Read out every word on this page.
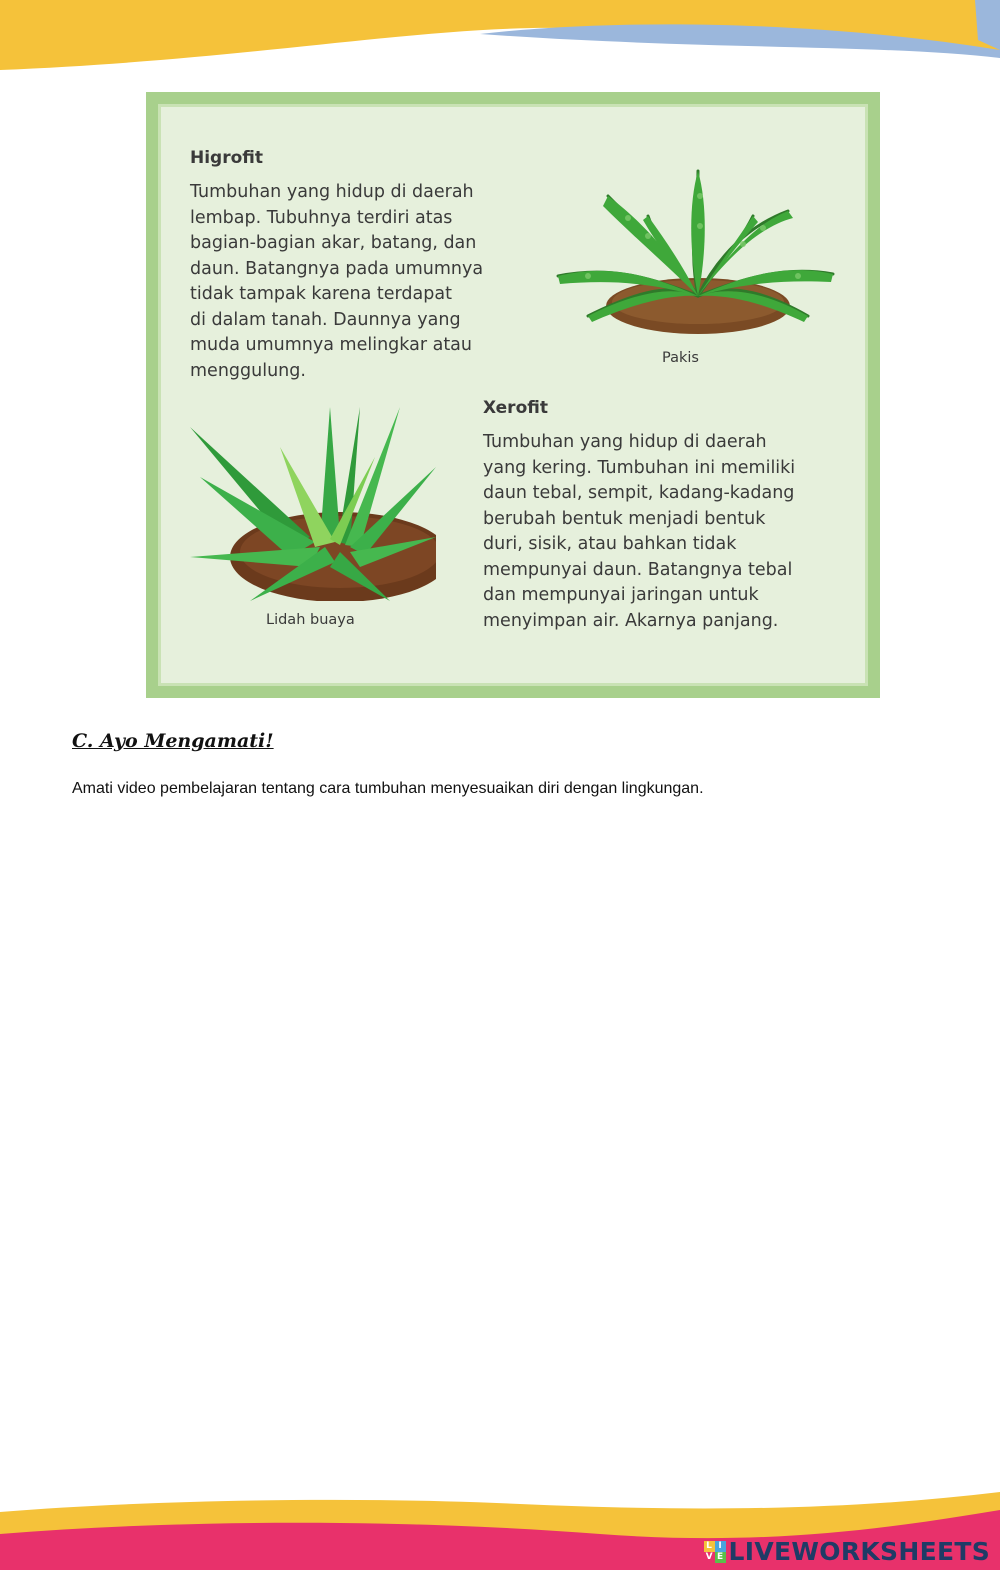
Higrofit
Tumbuhan yang hidup di daerah
lembap. Tubuhnya terdiri atas
bagian-bagian akar, batang, dan
daun. Batangnya pada umumnya
tidak tampak karena terdapat
di dalam tanah. Daunnya yang
muda umumnya melingkar atau
menggulung.
Pakis
Lidah buaya
Xerofit
Tumbuhan yang hidup di daerah
yang kering. Tumbuhan ini memiliki
daun tebal, sempit, kadang-kadang
berubah bentuk menjadi bentuk
duri, sisik, atau bahkan tidak
mempunyai daun. Batangnya tebal
dan mempunyai jaringan untuk
menyimpan air. Akarnya panjang.
C. Ayo Mengamati!
Amati video pembelajaran tentang cara tumbuhan menyesuaikan diri dengan lingkungan.
L I
V E LIVEWORKSHEETS
